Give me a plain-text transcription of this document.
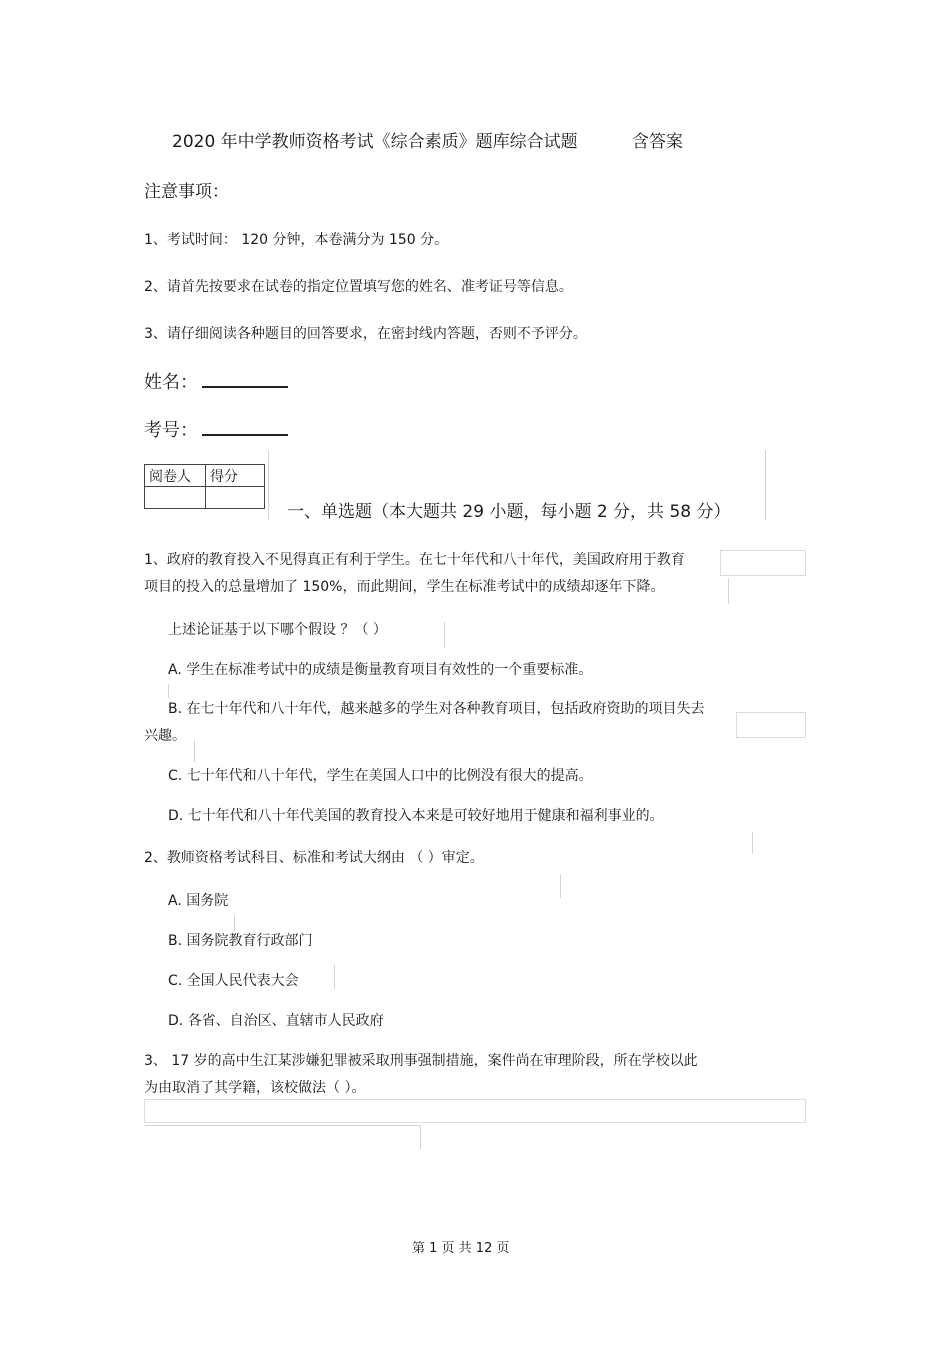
2020 年中学教师资格考试《综合素质》题库综合试题	含答案
注意事项：
1、考试时间： 120 分钟，本卷满分为 150 分。
2、请首先按要求在试卷的指定位置填写您的姓名、准考证号等信息。
3、请仔细阅读各种题目的回答要求，在密封线内答题，否则不予评分。
姓名：
考号：
阅卷人	得分

一、单选题（本大题共 29 小题，每小题 2 分，共 58 分）
1、政府的教育投入不见得真正有利于学生。在七十年代和八十年代，美国政府用于教育
项目的投入的总量增加了 150%，而此期间，学生在标准考试中的成绩却逐年下降。
上述论证基于以下哪个假设 ？（ ）
A. 学生在标准考试中的成绩是衡量教育项目有效性的一个重要标准。
B. 在七十年代和八十年代，越来越多的学生对各种教育项目，包括政府资助的项目失去
兴趣。
C. 七十年代和八十年代，学生在美国人口中的比例没有很大的提高。
D. 七十年代和八十年代美国的教育投入本来是可较好地用于健康和福利事业的。
2、教师资格考试科目、标准和考试大纲由 （ ）审定。
A. 国务院
B. 国务院教育行政部门
C. 全国人民代表大会
D. 各省、自治区、直辖市人民政府
3、 17 岁的高中生江某涉嫌犯罪被采取刑事强制措施，案件尚在审理阶段，所在学校以此
为由取消了其学籍，该校做法（ ）。
第 1 页 共 12 页
